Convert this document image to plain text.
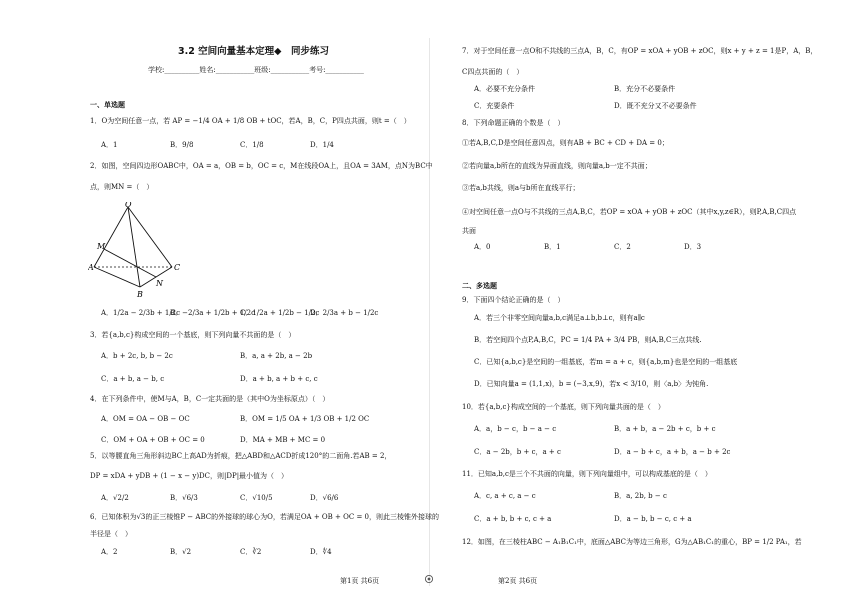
3.2 空间向量基本定理◆　同步练习
学校:__________姓名:___________班级:___________考号:___________
一、单选题
1．O为空间任意一点，若 AP = −1/4 OA + 1/8 OB + tOC，若A，B，C，P四点共面，则t =（　）
A．1	B．9/8	C．1/8	D．1/4
2．如图，空间四边形OABC中，OA = a，OB = b，OC = c，M在线段OA上，且OA = 3AM，点N为BC中
点，则MN =（　）
O
M
A
B
N
C
A．1/2a − 2/3b + 1/2c
B．−2/3a + 1/2b + 1/2c
C．1/2a + 1/2b − 1/2c
D．2/3a + b − 1/2c
3．若{a,b,c}构成空间的一个基底，则下列向量不共面的是（　）
A．b + 2c, b, b − 2c	B．a, a + 2b, a − 2b
C．a + b, a − b, c	D．a + b, a + b + c, c
4．在下列条件中，使M与A，B，C一定共面的是（其中O为坐标原点）（　）
A．OM = OA − OB − OC	B．OM = 1/5 OA + 1/3 OB + 1/2 OC
C．OM + OA + OB + OC = 0	D．MA + MB + MC = 0
5．以等腰直角三角形斜边BC上高AD为折痕，把△ABD和△ACD折成120°的二面角.若AB = 2，
DP = xDA + yDB + (1 − x − y)DC，则|DP|最小值为（　）
A．√2/2	B．√6/3	C．√10/5	D．√6/6
6．已知体积为√3的正三棱锥P − ABC的外接球的球心为O，若满足OA + OB + OC = 0，则此三棱锥外接球的
半径是（　）
A．2	B．√2	C．∛2	D．∜4
第1页 共6页
7．对于空间任意一点O和不共线的三点A，B，C，有OP = xOA + yOB + zOC，则x + y + z = 1是P，A，B，
C四点共面的（　）
A．必要不充分条件	B．充分不必要条件
C．充要条件	D．既不充分又不必要条件
8．下列命题正确的个数是（　）
①若A,B,C,D是空间任意四点，则有AB + BC + CD + DA = 0；
②若向量a,b所在的直线为异面直线，则向量a,b一定不共面；
③若a,b共线，则a与b所在直线平行；
④对空间任意一点O与不共线的三点A,B,C，若OP = xOA + yOB + zOC（其中x,y,z∈R），则P,A,B,C四点
共面
A．0	B．1	C．2	D．3
二、多选题
9．下面四个结论正确的是（　）
A．若三个非零空间向量a,b,c满足a⊥b,b⊥c，则有a∥c
B．若空间四个点P,A,B,C，PC = 1/4 PA + 3/4 PB，则A,B,C三点共线.
C．已知{a,b,c}是空间的一组基底，若m = a + c，则{a,b,m}也是空间的一组基底
D．已知向量a = (1,1,x)，b = (−3,x,9)，若x < 3/10，则〈a,b〉为钝角.
10．若{a,b,c}构成空间的一个基底，则下列向量共面的是（　）
A．a，b − c，b − a − c	B．a + b，a − 2b + c，b + c
C．a − 2b，b + c，a + c	D．a − b + c，a + b，a − b + 2c
11．已知a,b,c是三个不共面的向量，则下列向量组中，可以构成基底的是（　）
A．c, a + c, a − c	B．a, 2b, b − c
C．a + b, b + c, c + a	D．a − b, b − c, c + a
12．如图，在三棱柱ABC − A₁B₁C₁中，底面△ABC为等边三角形，G为△AB₁C₁的重心，BP = 1/2 PA₁，若
第2页 共6页
